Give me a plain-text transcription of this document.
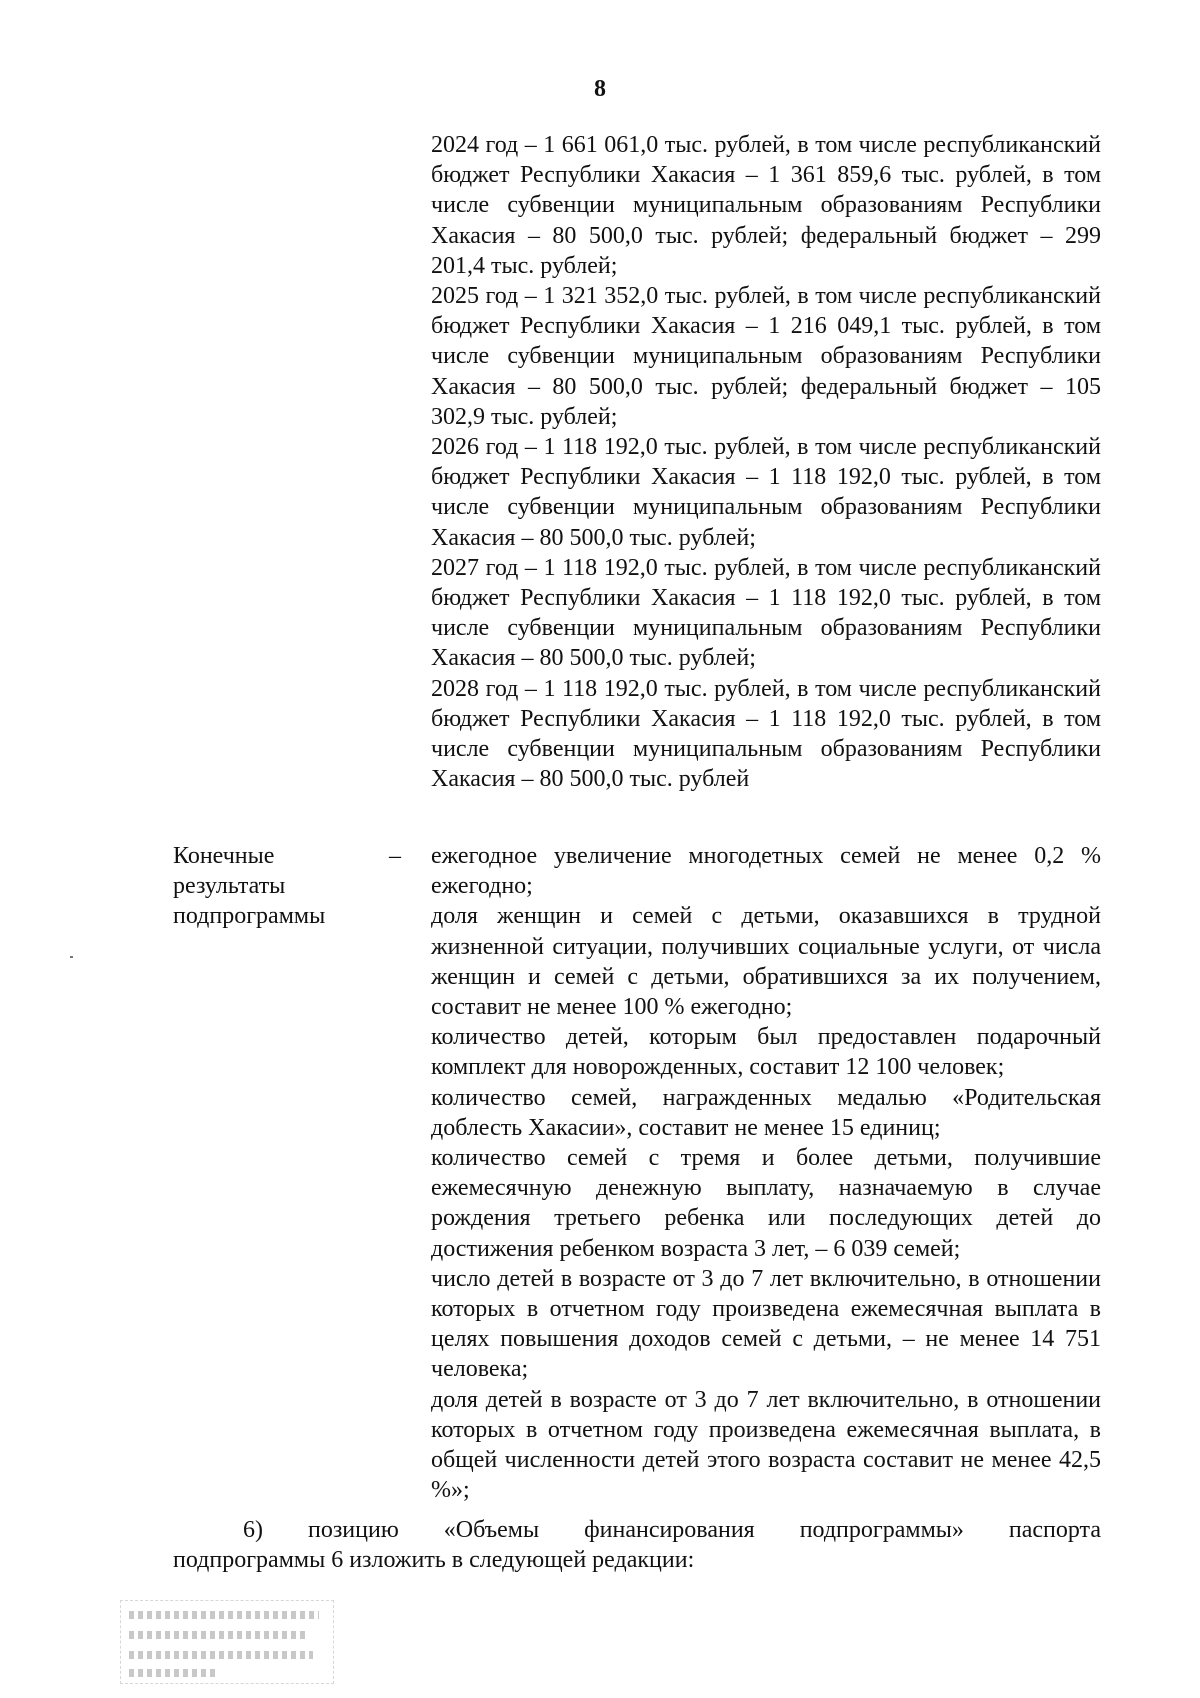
8

2024 год – 1 661 061,0 тыс. рублей, в том числе республиканский бюджет Республики Хакасия – 1 361 859,6 тыс. рублей, в том числе субвенции муниципальным образованиям Республики Хакасия – 80 500,0 тыс. рублей; федеральный бюджет – 299 201,4 тыс. рублей;

2025 год – 1 321 352,0 тыс. рублей, в том числе республиканский бюджет Республики Хакасия – 1 216 049,1 тыс. рублей, в том числе субвенции муниципальным образованиям Республики Хакасия – 80 500,0 тыс. рублей; федеральный бюджет – 105 302,9 тыс. рублей;

2026 год – 1 118 192,0 тыс. рублей, в том числе республиканский бюджет Республики Хакасия – 1 118 192,0 тыс. рублей, в том числе субвенции муниципальным образованиям Республики Хакасия – 80 500,0 тыс. рублей;

2027 год – 1 118 192,0 тыс. рублей, в том числе республиканский бюджет Республики Хакасия – 1 118 192,0 тыс. рублей, в том числе субвенции муниципальным образованиям Республики Хакасия – 80 500,0 тыс. рублей;

2028 год – 1 118 192,0 тыс. рублей, в том числе республиканский бюджет Республики Хакасия – 1 118 192,0 тыс. рублей, в том числе субвенции муниципальным образованиям Республики Хакасия – 80 500,0 тыс. рублей

Конечные
результаты
подпрограммы
– ежегодное увеличение многодетных семей не менее 0,2 % ежегодно;

доля женщин и семей с детьми, оказавшихся в трудной жизненной ситуации, получивших социальные услуги, от числа женщин и семей с детьми, обратившихся за их получением, составит не менее 100 % ежегодно;

количество детей, которым был предоставлен подарочный комплект для новорожденных, составит 12 100 человек;

количество семей, награжденных медалью «Родительская доблесть Хакасии», составит не менее 15 единиц;

количество семей с тремя и более детьми, получившие ежемесячную денежную выплату, назначаемую в случае рождения третьего ребенка или последующих детей до достижения ребенком возраста 3 лет, – 6 039 семей;

число детей в возрасте от 3 до 7 лет включительно, в отношении которых в отчетном году произведена ежемесячная выплата в целях повышения доходов семей с детьми, – не менее 14 751 человека;

доля детей в возрасте от 3 до 7 лет включительно, в отношении которых в отчетном году произведена ежемесячная выплата, в общей численности детей этого возраста составит не менее 42,5 %»;

6) позицию «Объемы финансирования подпрограммы» паспорта
подпрограммы 6 изложить в следующей редакции:
